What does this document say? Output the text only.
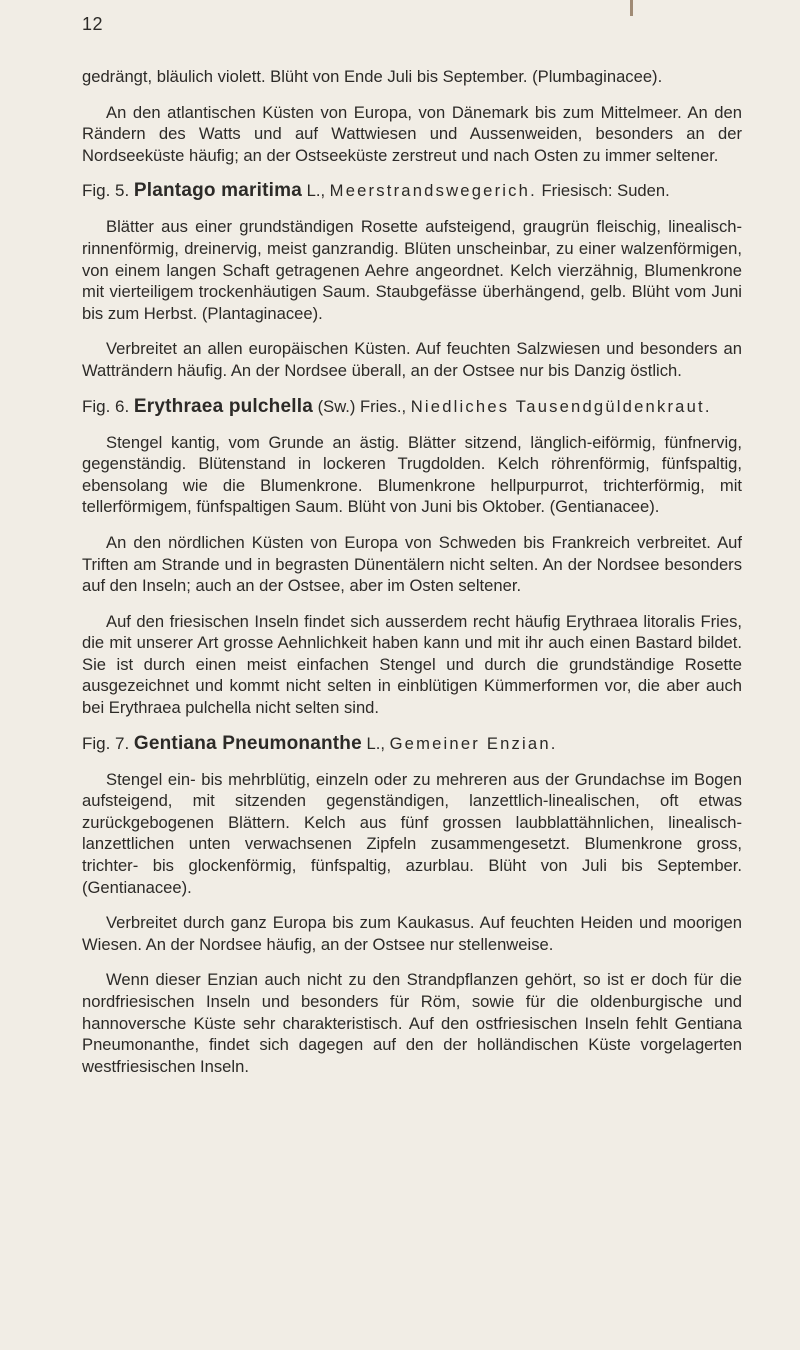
12

gedrängt, bläulich violett. Blüht von Ende Juli bis September. (Plumbaginacee).

An den atlantischen Küsten von Europa, von Dänemark bis zum Mittelmeer. An den Rändern des Watts und auf Wattwiesen und Aussenweiden, besonders an der Nordseeküste häufig; an der Ostseeküste zerstreut und nach Osten zu immer seltener.

Fig. 5. Plantago maritima L., Meerstrandswegerich. Friesisch: Suden.

Blätter aus einer grundständigen Rosette aufsteigend, graugrün fleischig, linealisch-rinnenförmig, dreinervig, meist ganzrandig. Blüten unscheinbar, zu einer walzenförmigen, von einem langen Schaft getragenen Aehre angeordnet. Kelch vierzähnig, Blumenkrone mit vierteiligem trockenhäutigen Saum. Staubgefässe überhängend, gelb. Blüht vom Juni bis zum Herbst. (Plantaginacee).

Verbreitet an allen europäischen Küsten. Auf feuchten Salzwiesen und besonders an Watträndern häufig. An der Nordsee überall, an der Ostsee nur bis Danzig östlich.

Fig. 6. Erythraea pulchella (Sw.) Fries., Niedliches Tausendgüldenkraut.

Stengel kantig, vom Grunde an ästig. Blätter sitzend, länglich-eiförmig, fünfnervig, gegenständig. Blütenstand in lockeren Trugdolden. Kelch röhrenförmig, fünfspaltig, ebensolang wie die Blumenkrone. Blumenkrone hellpurpurrot, trichterförmig, mit tellerförmigem, fünfspaltigen Saum. Blüht von Juni bis Oktober. (Gentianacee).

An den nördlichen Küsten von Europa von Schweden bis Frankreich verbreitet. Auf Triften am Strande und in begrasten Dünentälern nicht selten. An der Nordsee besonders auf den Inseln; auch an der Ostsee, aber im Osten seltener.

Auf den friesischen Inseln findet sich ausserdem recht häufig Erythraea litoralis Fries, die mit unserer Art grosse Aehnlichkeit haben kann und mit ihr auch einen Bastard bildet. Sie ist durch einen meist einfachen Stengel und durch die grundständige Rosette ausgezeichnet und kommt nicht selten in einblütigen Kümmerformen vor, die aber auch bei Erythraea pulchella nicht selten sind.

Fig. 7. Gentiana Pneumonanthe L., Gemeiner Enzian.

Stengel ein- bis mehrblütig, einzeln oder zu mehreren aus der Grundachse im Bogen aufsteigend, mit sitzenden gegenständigen, lanzettlich-linealischen, oft etwas zurückgebogenen Blättern. Kelch aus fünf grossen laubblattähnlichen, linealisch-lanzettlichen unten verwachsenen Zipfeln zusammengesetzt. Blumenkrone gross, trichter- bis glockenförmig, fünfspaltig, azurblau. Blüht von Juli bis September. (Gentianacee).

Verbreitet durch ganz Europa bis zum Kaukasus. Auf feuchten Heiden und moorigen Wiesen. An der Nordsee häufig, an der Ostsee nur stellenweise.

Wenn dieser Enzian auch nicht zu den Strandpflanzen gehört, so ist er doch für die nordfriesischen Inseln und besonders für Röm, sowie für die oldenburgische und hannoversche Küste sehr charakteristisch. Auf den ostfriesischen Inseln fehlt Gentiana Pneumonanthe, findet sich dagegen auf den der holländischen Küste vorgelagerten westfriesischen Inseln.
